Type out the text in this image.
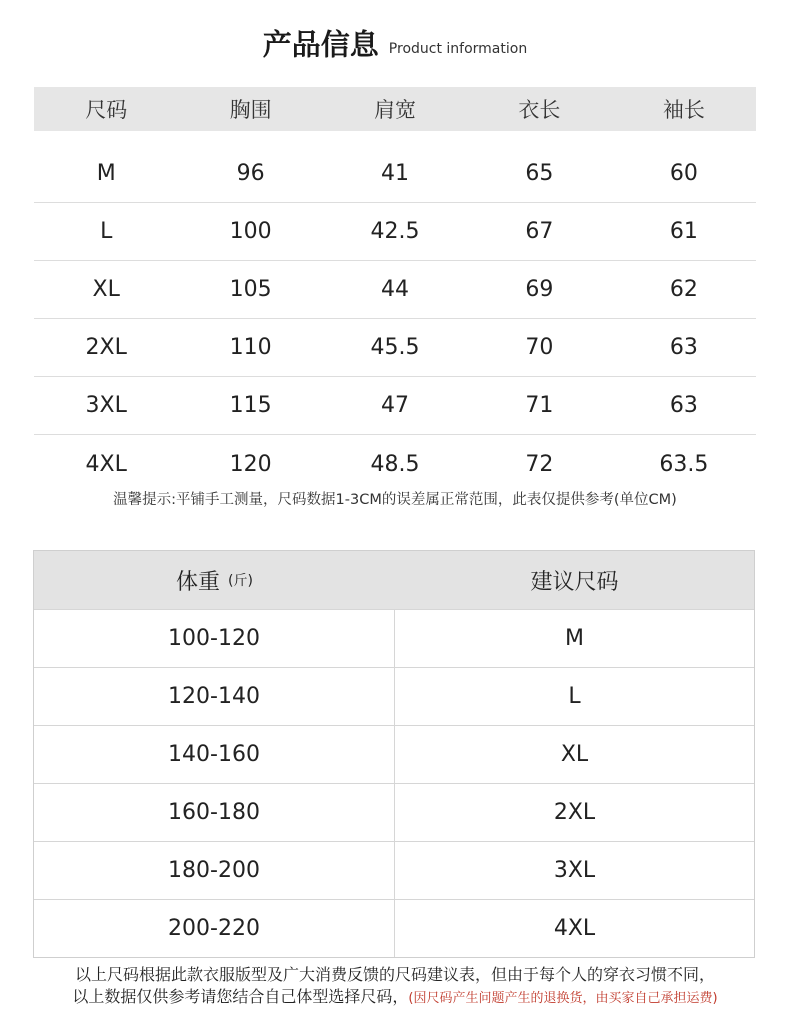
产品信息 Product information
尺码	胸围	肩宽	衣长	袖长
M	96	41	65	60
L	100	42.5	67	61
XL	105	44	69	62
2XL	110	45.5	70	63
3XL	115	47	71	63
4XL	120	48.5	72	63.5
温馨提示:平铺手工测量，尺码数据1-3CM的误差属正常范围，此表仅提供参考(单位CM)
体重 (斤)	建议尺码
100-120	M
120-140	L
140-160	XL
160-180	2XL
180-200	3XL
200-220	4XL
以上尺码根据此款衣服版型及广大消费反馈的尺码建议表，但由于每个人的穿衣习惯不同，
以上数据仅供参考请您结合自己体型选择尺码，(因尺码产生问题产生的退换货，由买家自己承担运费)
